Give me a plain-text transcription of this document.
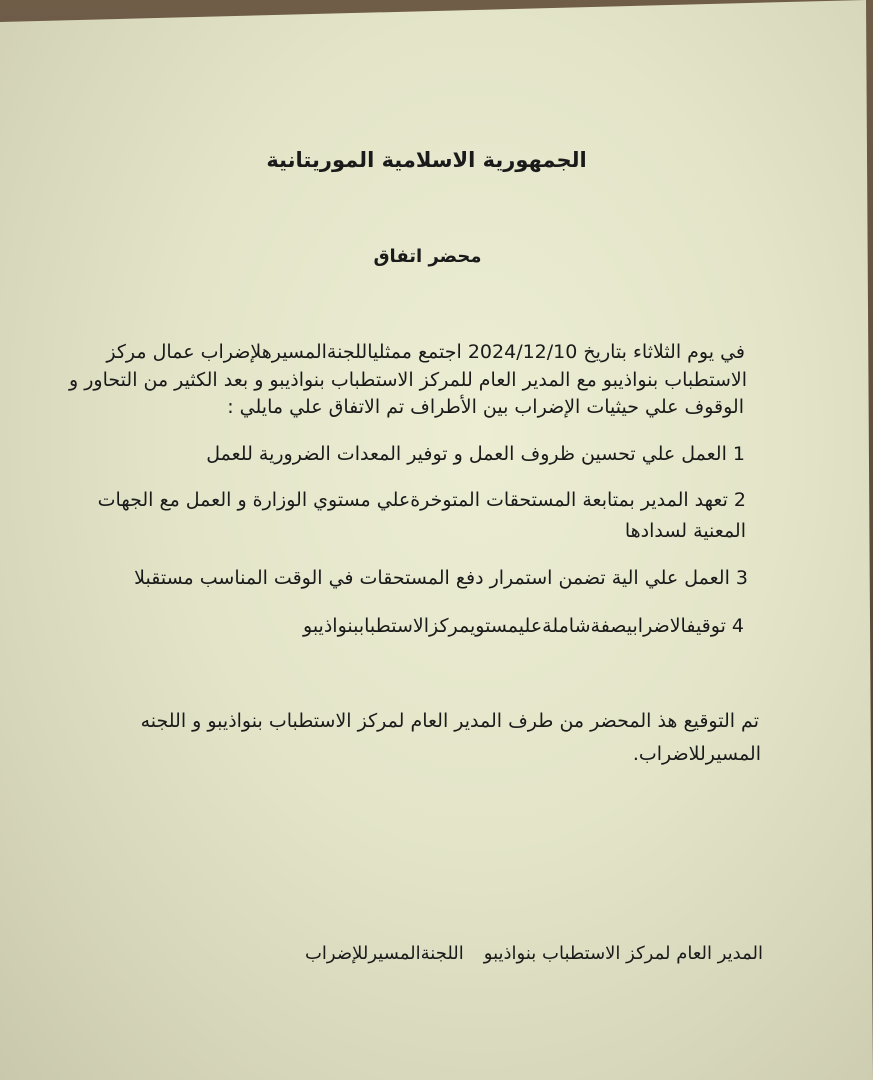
الجمهورية الاسلامية الموريتانية
محضر اتفاق
في يوم الثلاثاء بتاريخ 2024/12/10 اجتمع ممثلياللجنةالمسيرهلإضراب عمال مركز
الاستطباب بنواذيبو مع المدير العام للمركز الاستطباب بنواذيبو و بعد الكثير من التحاور و
الوقوف علي حيثيات الإضراب بين الأطراف تم الاتفاق علي مايلي :
1 العمل علي تحسين ظروف العمل و توفير المعدات الضرورية للعمل
2 تعهد المدير بمتابعة المستحقات المتوخرةعلي مستوي الوزارة و العمل مع الجهات
المعنية لسدادها
3 العمل علي الية تضمن استمرار دفع المستحقات في الوقت المناسب مستقبلا
4 توقيفالاضرابيصفةشاملةعليمستويمركزالاستطباببنواذيبو
تم التوقيع هذ المحضر من طرف المدير العام لمركز الاستطباب بنواذيبو و اللجنه
المسيرللاضراب.
المدير العام لمركز الاستطباب بنواذيبواللجنةالمسيرللإضراب
